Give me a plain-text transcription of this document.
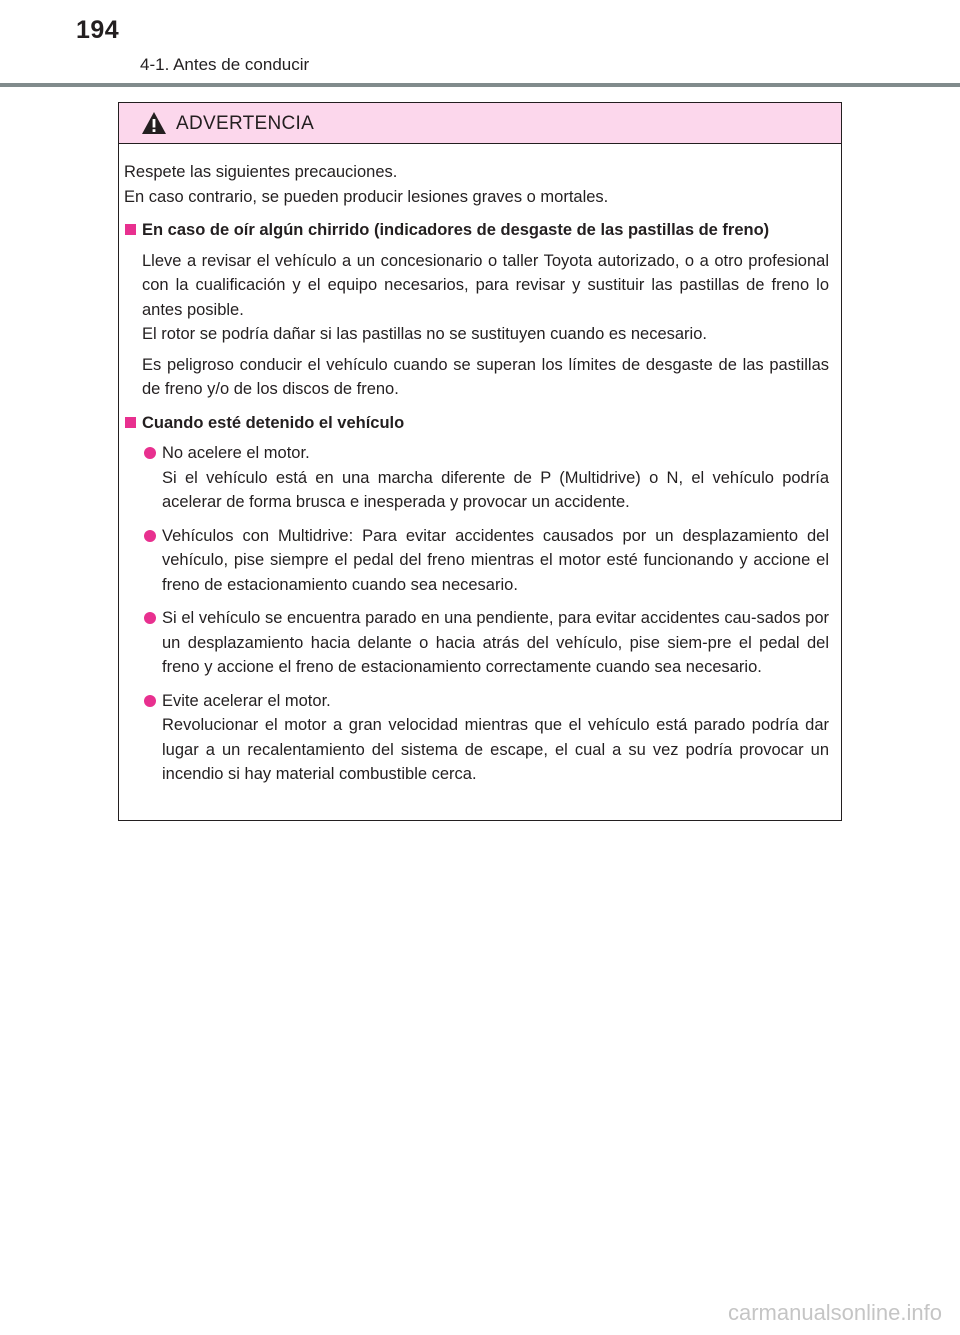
194
4-1. Antes de conducir
ADVERTENCIA

Respete las siguientes precauciones.

En caso contrario, se pueden producir lesiones graves o mortales.

En caso de oír algún chirrido (indicadores de desgaste de las pastillas de freno)

Lleve a revisar el vehículo a un concesionario o taller Toyota autorizado, o a otro profesional con la cualificación y el equipo necesarios, para revisar y sustituir las pastillas de freno lo antes posible.

El rotor se podría dañar si las pastillas no se sustituyen cuando es necesario.

Es peligroso conducir el vehículo cuando se superan los límites de desgaste de las pastillas de freno y/o de los discos de freno.

Cuando esté detenido el vehículo

No acelere el motor.

Si el vehículo está en una marcha diferente de P (Multidrive) o N, el vehículo podría acelerar de forma brusca e inesperada y provocar un accidente.

Vehículos con Multidrive: Para evitar accidentes causados por un desplazamiento del vehículo, pise siempre el pedal del freno mientras el motor esté funcionando y accione el freno de estacionamiento cuando sea necesario.

Si el vehículo se encuentra parado en una pendiente, para evitar accidentes cau-sados por un desplazamiento hacia delante o hacia atrás del vehículo, pise siem-pre el pedal del freno y accione el freno de estacionamiento correctamente cuando sea necesario.

Evite acelerar el motor.

Revolucionar el motor a gran velocidad mientras que el vehículo está parado podría dar lugar a un recalentamiento del sistema de escape, el cual a su vez podría provocar un incendio si hay material combustible cerca.

carmanualsonline.info
